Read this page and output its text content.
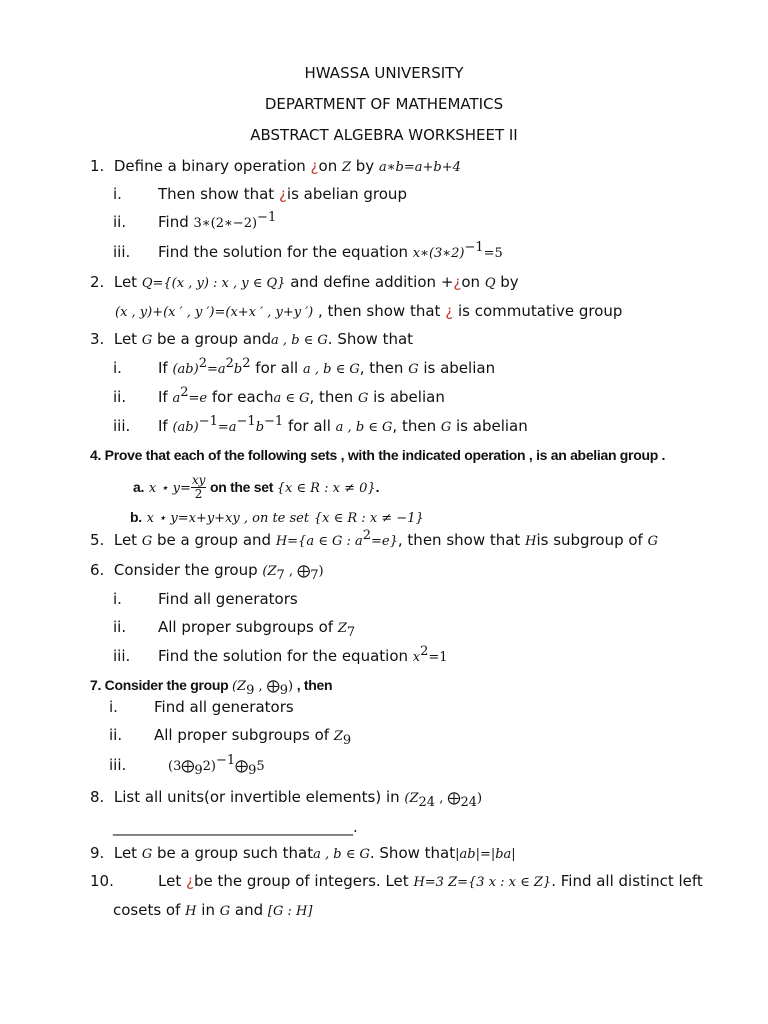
HWASSA UNIVERSITY
DEPARTMENT OF MATHEMATICS
ABSTRACT ALGEBRA WORKSHEET II
1. Define a binary operation ¿on Z by a∗b=a+b+4
i. Then show that ¿is abelian group
ii. Find 3∗(2∗−2)$^{-1}$
iii. Find the solution for the equation x∗(3∗2)$^{-1}$=5
2. Let Q={(x , y) : x , y ∈ Q} and define addition +¿on Q by
(x , y)+(x ′ , y ′)=(x+x ′ , y+y ′) , then show that ¿ is commutative group
3. Let G be a group anda , b ∈ G. Show that
i. If $(ab)^2=a^2b^2$ for all a , b ∈ G, then G is abelian
ii. If $a^2=e$ for eacha ∈ G, then G is abelian
iii. If $(ab)^{-1}=a^{-1}b^{-1}$ for all a , b ∈ G, then G is abelian
4. Prove that each of the following sets , with the indicated operation , is an abelian group .
a. x ⋆ $y= \frac{xy}{2}$ on the set {x ∈ R : x ≠ 0}.
b. x ⋆ y=x+y+xy , on te set {x ∈ R : x ≠ −1}
5. Let G be a group and H={a ∈ G : $a^2=e$}, then show that His subgroup of G
6. Consider the group ($Z_7$ , $⨁_7$)
i. Find all generators
ii. All proper subgroups of $Z_7$
iii. Find the solution for the equation $x^2=1$
7. Consider the group ($Z_9$ , $⨁_9$) , then
i. Find all generators
ii. All proper subgroups of $Z_9$
iii.	$(3⨁_92)^{-1}⨁_95$
8. List all units(or invertible elements) in ($Z_{24}$ , $⨁_{24}$)
________________________________.
9. Let G be a group such thata , b ∈ G. Show that|ab|=|ba|
10.	Let ¿be the group of integers. Let H=3 Z={3 x : x ∈ Z}. Find all distinct left
cosets of H in G and [G : H]
